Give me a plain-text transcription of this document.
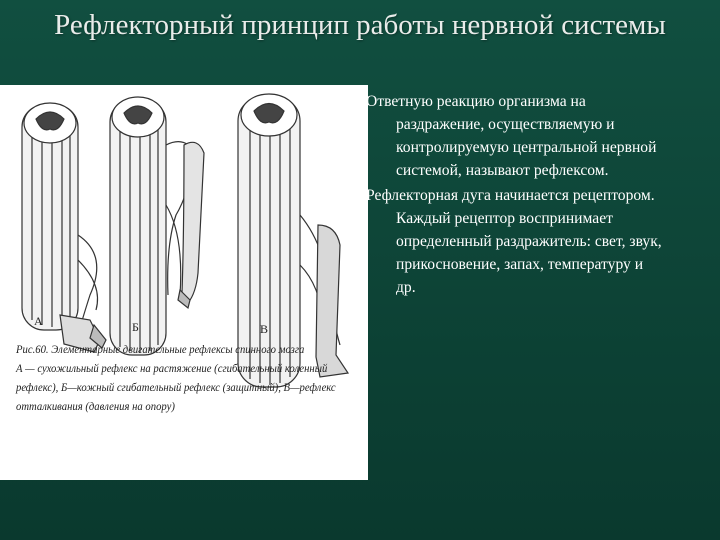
Рефлекторный принцип работы нервной системы
А	Б	В
Рис.60. Элементарные двигательные рефлексы спинного мозга
А — сухожильный рефлекс на растяжение (сгибательный коленный
рефлекс), Б—кожный сгибательный рефлекс (защитный), В—рефлекс
отталкивания (давления на опору)

Ответную реакцию организма на раздражение, осуществляемую и контролируемую центральной нервной системой, называют рефлексом.

Рефлекторная дуга начинается рецептором. Каждый рецептор воспринимает определенный раздражитель: свет, звук, прикосновение, запах, температуру и др.
